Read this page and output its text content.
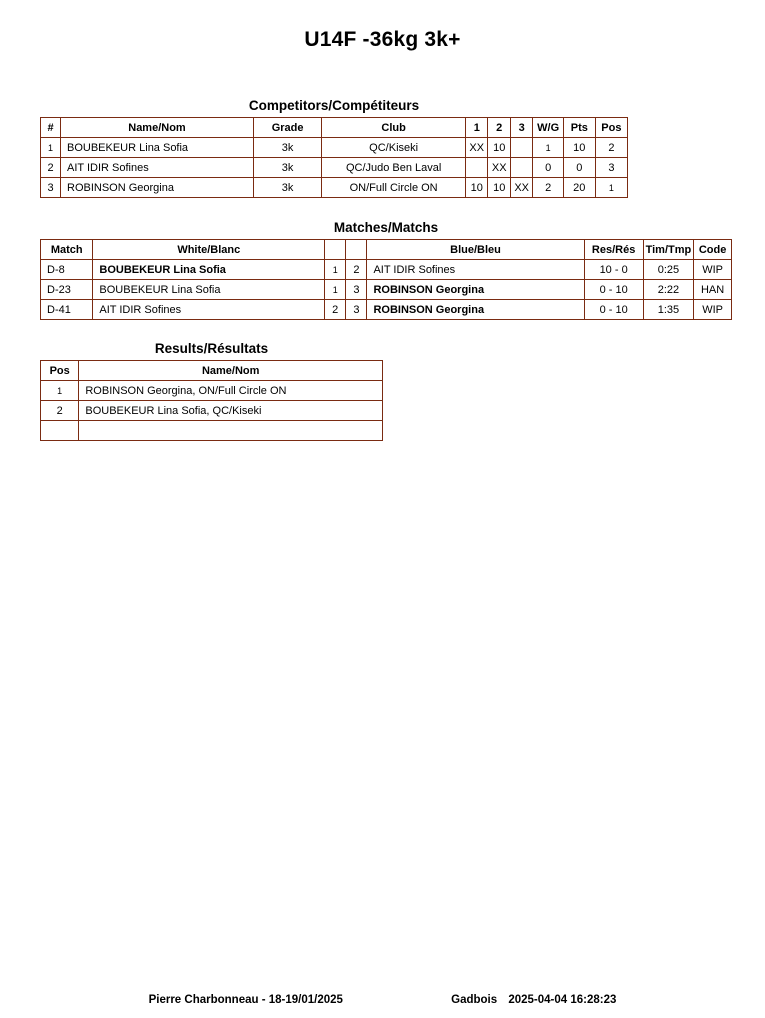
U14F -36kg 3k+
Competitors/Compétiteurs
#	Name/Nom	Grade	Club	1	2	3	W/G	Pts	Pos
1	BOUBEKEUR Lina Sofia	3k	QC/Kiseki	XX	10		1	10	2
2	AIT IDIR Sofines	3k	QC/Judo Ben Laval		XX		0	0	3
3	ROBINSON Georgina	3k	ON/Full Circle ON	10	10	XX	2	20	1
Matches/Matchs
Match	White/Blanc			Blue/Bleu	Res/Rés	Tim/Tmp	Code
D-8	BOUBEKEUR Lina Sofia	1	2	AIT IDIR Sofines	10 - 0	0:25	WIP
D-23	BOUBEKEUR Lina Sofia	1	3	ROBINSON Georgina	0 - 10	2:22	HAN
D-41	AIT IDIR Sofines	2	3	ROBINSON Georgina	0 - 10	1:35	WIP
Results/Résultats
Pos	Name/Nom
1	ROBINSON Georgina, ON/Full Circle ON
2	BOUBEKEUR Lina Sofia, QC/Kiseki

Pierre Charbonneau - 18-19/01/2025	Gadbois 2025-04-04 16:28:23
